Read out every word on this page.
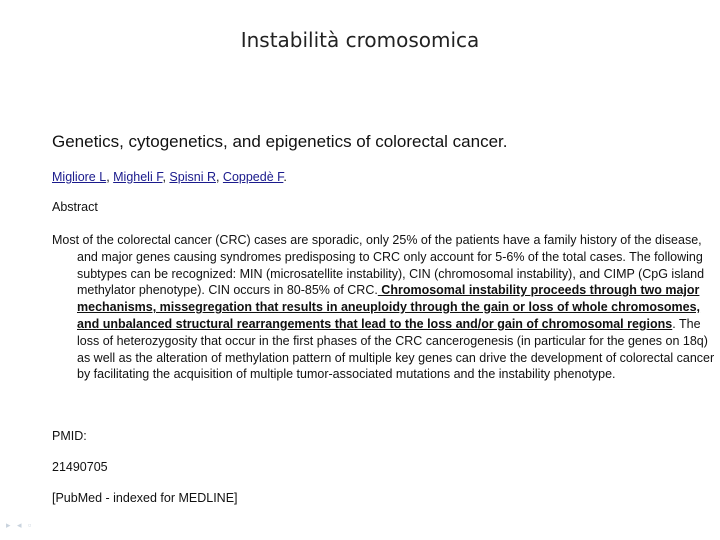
Instabilità cromosomica
Genetics, cytogenetics, and epigenetics of colorectal cancer.
Migliore L, Migheli F, Spisni R, Coppedè F.
Abstract
Most of the colorectal cancer (CRC) cases are sporadic, only 25% of the patients have a family history of the disease, and major genes causing syndromes predisposing to CRC only account for 5-6% of the total cases. The following subtypes can be recognized: MIN (microsatellite instability), CIN (chromosomal instability), and CIMP (CpG island methylator phenotype). CIN occurs in 80-85% of CRC. Chromosomal instability proceeds through two major mechanisms, missegregation that results in aneuploidy through the gain or loss of whole chromosomes, and unbalanced structural rearrangements that lead to the loss and/or gain of chromosomal regions. The loss of heterozygosity that occur in the first phases of the CRC cancerogenesis (in particular for the genes on 18q) as well as the alteration of methylation pattern of multiple key genes can drive the development of colorectal cancer by facilitating the acquisition of multiple tumor-associated mutations and the instability phenotype.
PMID:
21490705
[PubMed - indexed for MEDLINE]
▸ ◂ ▫
